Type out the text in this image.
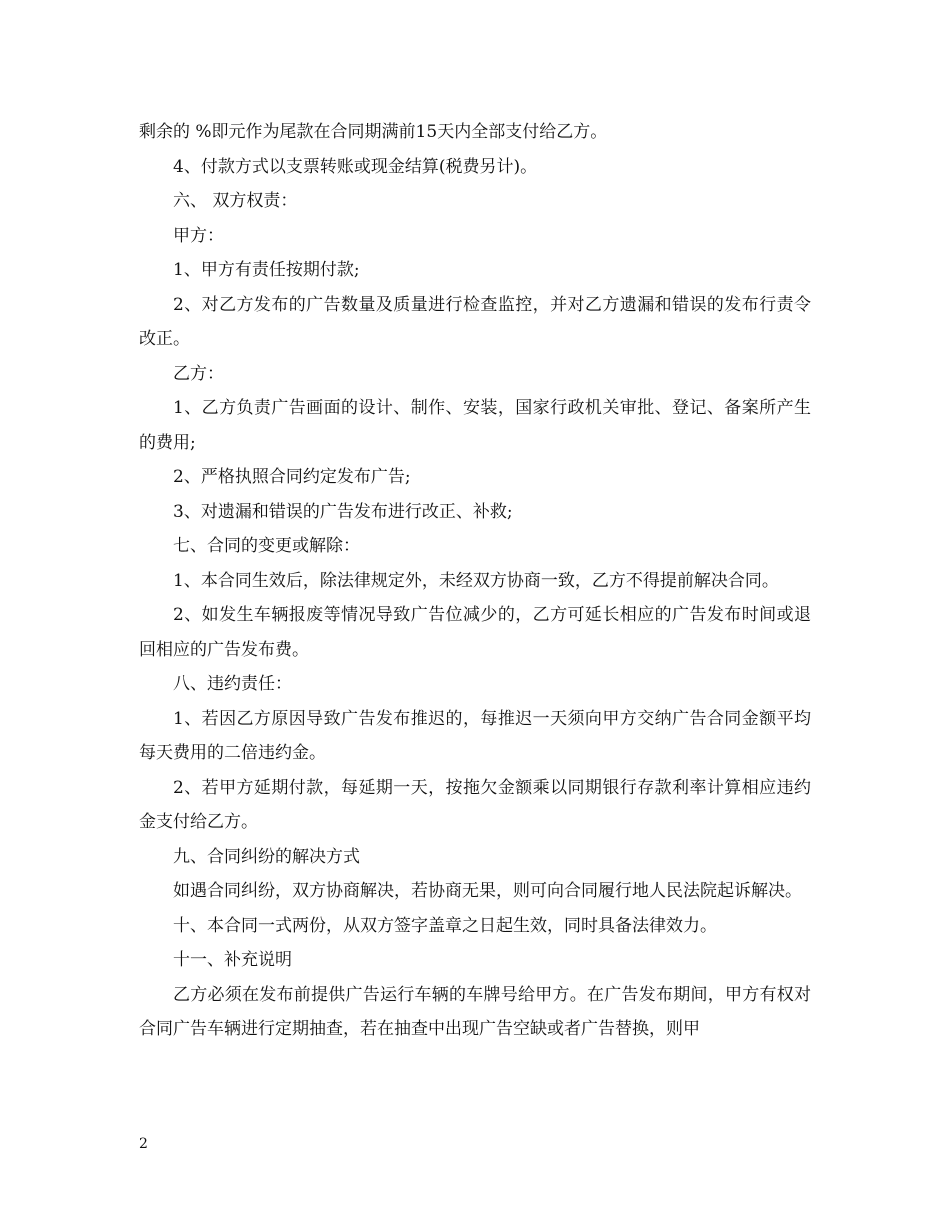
剩余的 %即元作为尾款在合同期满前15天内全部支付给乙方。

4、付款方式以支票转账或现金结算(税费另计)。

六、 双方权责：

甲方：

1、甲方有责任按期付款;

2、对乙方发布的广告数量及质量进行检查监控，并对乙方遗漏和错误的发布行责令改正。

乙方：

1、乙方负责广告画面的设计、制作、安装，国家行政机关审批、登记、备案所产生的费用;

2、严格执照合同约定发布广告;

3、对遗漏和错误的广告发布进行改正、补救;

七、合同的变更或解除：

1、本合同生效后，除法律规定外，未经双方协商一致，乙方不得提前解决合同。

2、如发生车辆报废等情况导致广告位减少的，乙方可延长相应的广告发布时间或退回相应的广告发布费。

八、违约责任：

1、若因乙方原因导致广告发布推迟的，每推迟一天须向甲方交纳广告合同金额平均每天费用的二倍违约金。

2、若甲方延期付款，每延期一天，按拖欠金额乘以同期银行存款利率计算相应违约金支付给乙方。

九、合同纠纷的解决方式

如遇合同纠纷，双方协商解决，若协商无果，则可向合同履行地人民法院起诉解决。

十、本合同一式两份，从双方签字盖章之日起生效，同时具备法律效力。

十一、补充说明

乙方必须在发布前提供广告运行车辆的车牌号给甲方。在广告发布期间，甲方有权对合同广告车辆进行定期抽查，若在抽查中出现广告空缺或者广告替换，则甲

2
